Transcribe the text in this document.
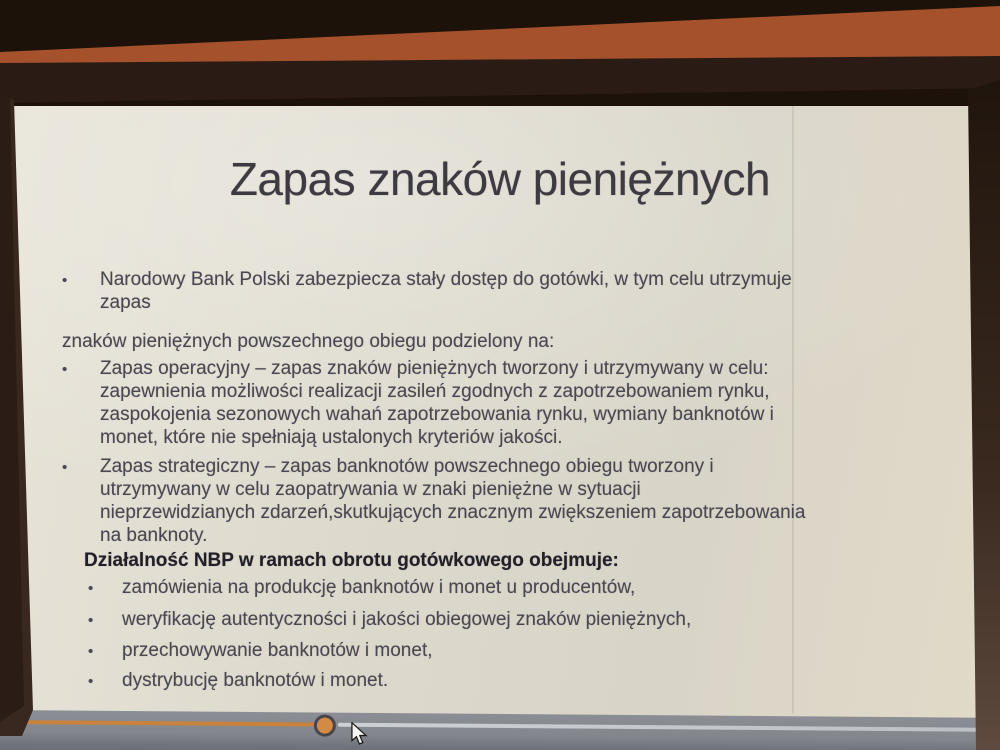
Zapas znaków pieniężnych
•	Narodowy Bank Polski zabezpiecza stały dostęp do gotówki, w tym celu utrzymuje
zapas
znaków pieniężnych powszechnego obiegu podzielony na:
•	Zapas operacyjny – zapas znaków pieniężnych tworzony i utrzymywany w celu:
zapewnienia możliwości realizacji zasileń zgodnych z zapotrzebowaniem rynku,
zaspokojenia sezonowych wahań zapotrzebowania rynku, wymiany banknotów i
monet, które nie spełniają ustalonych kryteriów jakości.
•	Zapas strategiczny – zapas banknotów powszechnego obiegu tworzony i
utrzymywany w celu zaopatrywania w znaki pieniężne w sytuacji
nieprzewidzianych zdarzeń,skutkujących znacznym zwiększeniem zapotrzebowania
na banknoty.
Działalność NBP w ramach obrotu gotówkowego obejmuje:
•	zamówienia na produkcję banknotów i monet u producentów,
•	weryfikację autentyczności i jakości obiegowej znaków pieniężnych,
•	przechowywanie banknotów i monet,
•	dystrybucję banknotów i monet.
